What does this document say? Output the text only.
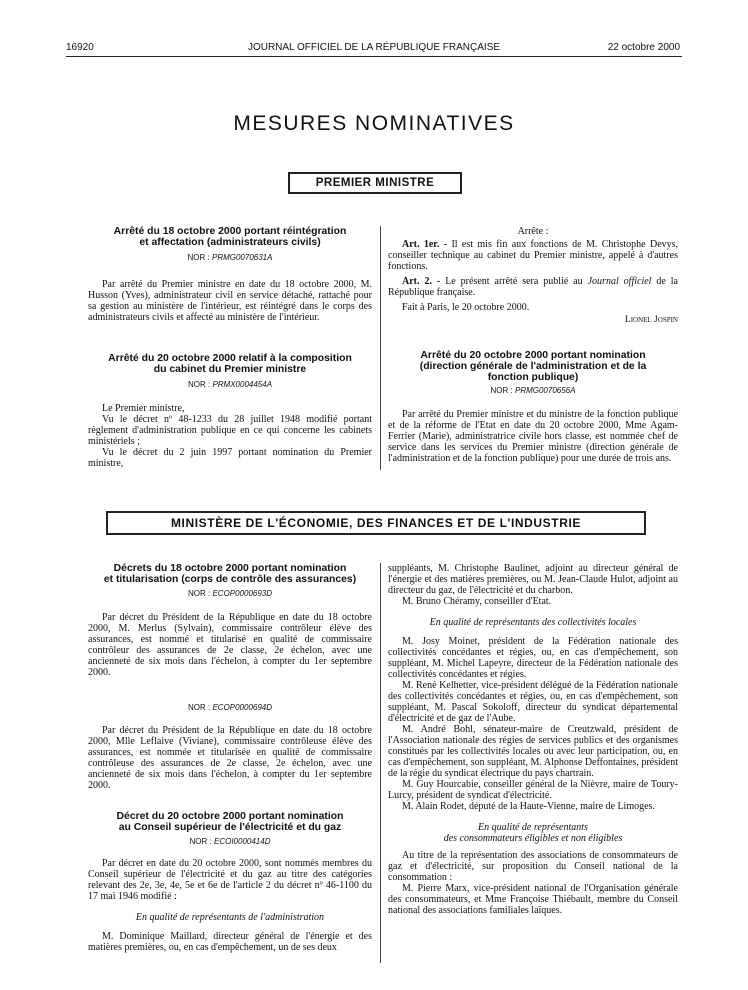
16920	JOURNAL OFFICIEL DE LA RÉPUBLIQUE FRANÇAISE	22 octobre 2000
MESURES NOMINATIVES
PREMIER MINISTRE
Arrêté du 18 octobre 2000 portant réintégration
et affectation (administrateurs civils)
NOR : PRMG0070631A

Par arrêté du Premier ministre en date du 18 octobre 2000, M. Husson (Yves), administrateur civil en service détaché, rattaché pour sa gestion au ministère de l'intérieur, est réintégré dans le corps des administrateurs civils et affecté au ministère de l'intérieur.

Arrêté du 20 octobre 2000 relatif à la composition
du cabinet du Premier ministre
NOR : PRMX0004454A

Le Premier ministre,

Vu le décret nº 48-1233 du 28 juillet 1948 modifié portant règlement d'administration publique en ce qui concerne les cabinets ministériels ;

Vu le décret du 2 juin 1997 portant nomination du Premier ministre,

Arrête :

Art. 1er. - Il est mis fin aux fonctions de M. Christophe Devys, conseiller technique au cabinet du Premier ministre, appelé à d'autres fonctions.

Art. 2. - Le présent arrêté sera publié au Journal officiel de la République française.

Fait à Paris, le 20 octobre 2000.

Lionel Jospin
Arrêté du 20 octobre 2000 portant nomination
(direction générale de l'administration et de la
fonction publique)
NOR : PRMG0070656A

Par arrêté du Premier ministre et du ministre de la fonction publique et de la réforme de l'Etat en date du 20 octobre 2000, Mme Agam-Ferrier (Marie), administratrice civile hors classe, est nommée chef de service dans les services du Premier ministre (direction générale de l'administration et de la fonction publique) pour une durée de trois ans.

MINISTÈRE DE L'ÉCONOMIE, DES FINANCES ET DE L'INDUSTRIE
Décrets du 18 octobre 2000 portant nomination
et titularisation (corps de contrôle des assurances)
NOR : ECOP0000693D

Par décret du Président de la République en date du 18 octobre 2000, M. Merlus (Sylvain), commissaire contrôleur élève des assurances, est nommé et titularisé en qualité de commissaire contrôleur des assurances de 2e classe, 2e échelon, avec une ancienneté de six mois dans l'échelon, à compter du 1er septembre 2000.

NOR : ECOP0000694D

Par décret du Président de la République en date du 18 octobre 2000, Mlle Leflaive (Viviane), commissaire contrôleuse élève des assurances, est nommée et titularisée en qualité de commissaire contrôleuse des assurances de 2e classe, 2e échelon, avec une ancienneté de six mois dans l'échelon, à compter du 1er septembre 2000.

Décret du 20 octobre 2000 portant nomination
au Conseil supérieur de l'électricité et du gaz
NOR : ECOI0000414D

Par décret en date du 20 octobre 2000, sont nommés membres du Conseil supérieur de l'électricité et du gaz au titre des catégories relevant des 2e, 3e, 4e, 5e et 6e de l'article 2 du décret nº 46-1100 du 17 mai 1946 modifié :

En qualité de représentants de l'administration

M. Dominique Maillard, directeur général de l'énergie et des matières premières, ou, en cas d'empêchement, un de ses deux

suppléants, M. Christophe Baulinet, adjoint au directeur général de l'énergie et des matières premières, ou M. Jean-Claude Hulot, adjoint au directeur du gaz, de l'électricité et du charbon.

M. Bruno Chéramy, conseiller d'Etat.

En qualité de représentants des collectivités locales

M. Josy Moinet, président de la Fédération nationale des collectivités concédantes et régies, ou, en cas d'empêchement, son suppléant, M. Michel Lapeyre, directeur de la Fédération nationale des collectivités concédantes et régies.

M. René Kelhetter, vice-président délégué de la Fédération nationale des collectivités concédantes et régies, ou, en cas d'empêchement, son suppléant, M. Pascal Sokoloff, directeur du syndicat départemental d'électricité et de gaz de l'Aube.

M. André Bohl, sénateur-maire de Creutzwald, président de l'Association nationale des régies de services publics et des organismes constitués par les collectivités locales ou avec leur participation, ou, en cas d'empêchement, son suppléant, M. Alphonse Deffontaines, président de la régie du syndicat électrique du pays chartrain.

M. Guy Hourcabie, conseiller général de la Nièvre, maire de Toury-Lurcy, président de syndicat d'électricité.

M. Alain Rodet, député de la Haute-Vienne, maire de Limoges.

En qualité de représentants
des consommateurs éligibles et non éligibles

Au titre de la représentation des associations de consommateurs de gaz et d'électricité, sur proposition du Conseil national de la consommation :

M. Pierre Marx, vice-président national de l'Organisation générale des consommateurs, et Mme Françoise Thiébault, membre du Conseil national des associations familiales laïques.
